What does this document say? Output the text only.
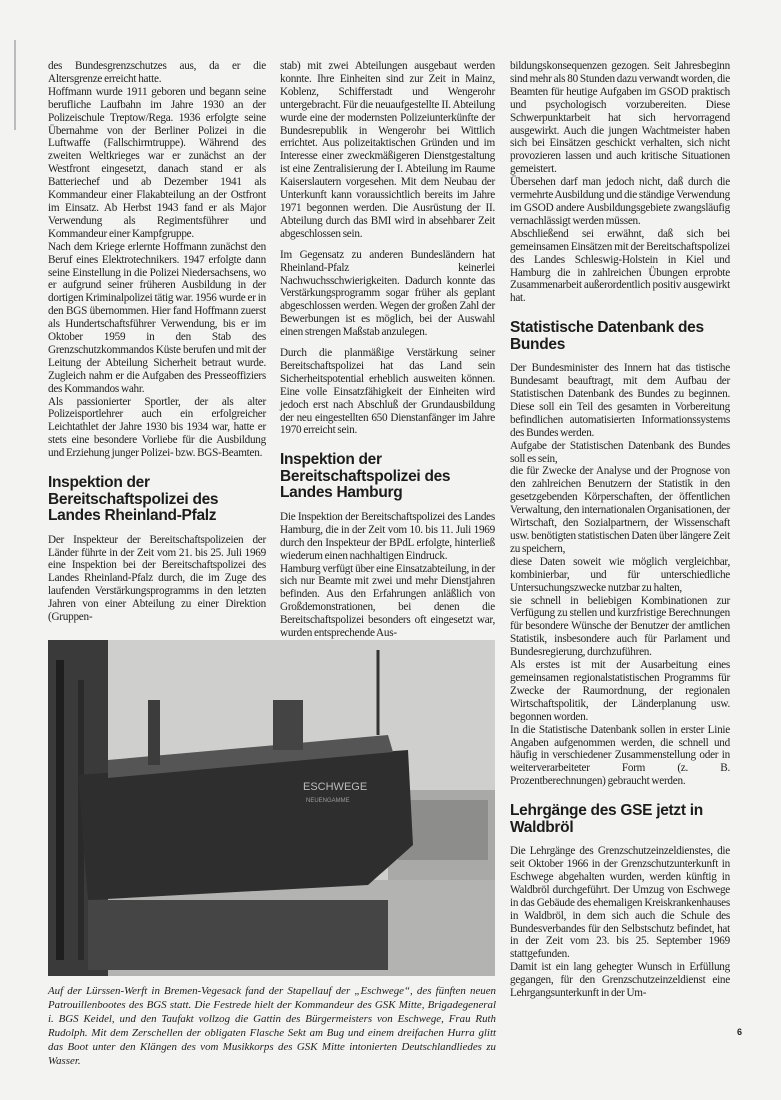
des Bundesgrenzschutzes aus, da er die Altersgrenze erreicht hatte.

Hoffmann wurde 1911 geboren und begann seine berufliche Laufbahn im Jahre 1930 an der Polizeischule Treptow/Rega. 1936 erfolgte seine Übernahme von der Berliner Polizei in die Luftwaffe (Fallschirmtruppe). Während des zweiten Weltkrieges war er zunächst an der Westfront eingesetzt, danach stand er als Batteriechef und ab Dezember 1941 als Kommandeur einer Flakabteilung an der Ostfront im Einsatz. Ab Herbst 1943 fand er als Major Verwendung als Regimentsführer und Kommandeur einer Kampfgruppe.

Nach dem Kriege erlernte Hoffmann zunächst den Beruf eines Elektrotechnikers. 1947 erfolgte dann seine Einstellung in die Polizei Niedersachsens, wo er aufgrund seiner früheren Ausbildung in der dortigen Kriminalpolizei tätig war. 1956 wurde er in den BGS übernommen. Hier fand Hoffmann zuerst als Hundertschaftsführer Verwendung, bis er im Oktober 1959 in den Stab des Grenzschutzkommandos Küste berufen und mit der Leitung der Abteilung Sicherheit betraut wurde. Zugleich nahm er die Aufgaben des Presseoffiziers des Kommandos wahr.

Als passionierter Sportler, der als alter Polizeisportlehrer auch ein erfolgreicher Leichtathlet der Jahre 1930 bis 1934 war, hatte er stets eine besondere Vorliebe für die Ausbildung und Erziehung junger Polizei- bzw. BGS-Beamten.

Inspektion der Bereitschaftspolizei des Landes Rheinland-Pfalz

Der Inspekteur der Bereitschaftspolizeien der Länder führte in der Zeit vom 21. bis 25. Juli 1969 eine Inspektion bei der Bereitschaftspolizei des Landes Rheinland-Pfalz durch, die im Zuge des laufenden Verstärkungsprogramms in den letzten Jahren von einer Abteilung zu einer Direktion (Gruppen-

stab) mit zwei Abteilungen ausgebaut werden konnte. Ihre Einheiten sind zur Zeit in Mainz, Koblenz, Schifferstadt und Wengerohr untergebracht. Für die neuaufgestellte II. Abteilung wurde eine der modernsten Polizeiunterkünfte der Bundesrepublik in Wengerohr bei Wittlich errichtet. Aus polizeitaktischen Gründen und im Interesse einer zweckmäßigeren Dienstgestaltung ist eine Zentralisierung der I. Abteilung im Raume Kaiserslautern vorgesehen. Mit dem Neubau der Unterkunft kann voraussichtlich bereits im Jahre 1971 begonnen werden. Die Ausrüstung der II. Abteilung durch das BMI wird in absehbarer Zeit abgeschlossen sein.

Im Gegensatz zu anderen Bundesländern hat Rheinland-Pfalz keinerlei Nachwuchsschwierigkeiten. Dadurch konnte das Verstärkungsprogramm sogar früher als geplant abgeschlossen werden. Wegen der großen Zahl der Bewerbungen ist es möglich, bei der Auswahl einen strengen Maßstab anzulegen.

Durch die planmäßige Verstärkung seiner Bereitschaftspolizei hat das Land sein Sicherheitspotential erheblich ausweiten können. Eine volle Einsatzfähigkeit der Einheiten wird jedoch erst nach Abschluß der Grundausbildung der neu eingestellten 650 Dienstanfänger im Jahre 1970 erreicht sein.

Inspektion der Bereitschaftspolizei des Landes Hamburg

Die Inspektion der Bereitschaftspolizei des Landes Hamburg, die in der Zeit vom 10. bis 11. Juli 1969 durch den Inspekteur der BPdL erfolgte, hinterließ wiederum einen nachhaltigen Eindruck.

Hamburg verfügt über eine Einsatzabteilung, in der sich nur Beamte mit zwei und mehr Dienstjahren befinden. Aus den Erfahrungen anläßlich von Großdemonstrationen, bei denen die Bereitschaftspolizei besonders oft eingesetzt war, wurden entsprechende Aus-

bildungskonsequenzen gezogen. Seit Jahresbeginn sind mehr als 80 Stunden dazu verwandt worden, die Beamten für heutige Aufgaben im GSOD praktisch und psychologisch vorzubereiten. Diese Schwerpunktarbeit hat sich hervorragend ausgewirkt. Auch die jungen Wachtmeister haben sich bei Einsätzen geschickt verhalten, sich nicht provozieren lassen und auch kritische Situationen gemeistert.

Übersehen darf man jedoch nicht, daß durch die vermehrte Ausbildung und die ständige Verwendung im GSOD andere Ausbildungsgebiete zwangsläufig vernachlässigt werden müssen.

Abschließend sei erwähnt, daß sich bei gemeinsamen Einsätzen mit der Bereitschaftspolizei des Landes Schleswig-Holstein in Kiel und Hamburg die in zahlreichen Übungen erprobte Zusammenarbeit außerordentlich positiv ausgewirkt hat.

Statistische Datenbank des Bundes

Der Bundesminister des Innern hat das tistische Bundesamt beauftragt, mit dem Aufbau der Statistischen Datenbank des Bundes zu beginnen. Diese soll ein Teil des gesamten in Vorbereitung befindlichen automatisierten Informationssystems des Bundes werden.

Aufgabe der Statistischen Datenbank des Bundes soll es sein,

die für Zwecke der Analyse und der Prognose von den zahlreichen Benutzern der Statistik in den gesetzgebenden Körperschaften, der öffentlichen Verwaltung, den internationalen Organisationen, der Wirtschaft, den Sozialpartnern, der Wissenschaft usw. benötigten statistischen Daten über längere Zeit zu speichern,

diese Daten soweit wie möglich vergleichbar, kombinierbar, und für unterschiedliche Untersuchungszwecke nutzbar zu halten,

sie schnell in beliebigen Kombinationen zur Verfügung zu stellen und kurzfristige Berechnungen für besondere Wünsche der Benutzer der amtlichen Statistik, insbesondere auch für Parlament und Bundesregierung, durchzuführen.

Als erstes ist mit der Ausarbeitung eines gemeinsamen regionalstatistischen Programms für Zwecke der Raumordnung, der regionalen Wirtschaftspolitik, der Länderplanung usw. begonnen worden.

In die Statistische Datenbank sollen in erster Linie Angaben aufgenommen werden, die schnell und häufig in verschiedener Zusammenstellung oder in weiterverarbeiteter Form (z. B. Prozentberechnungen) gebraucht werden.

Lehrgänge des GSE jetzt in Waldbröl

Die Lehrgänge des Grenzschutzeinzeldienstes, die seit Oktober 1966 in der Grenzschutzunterkunft in Eschwege abgehalten wurden, werden künftig in Waldbröl durchgeführt. Der Umzug von Eschwege in das Gebäude des ehemaligen Kreiskrankenhauses in Waldbröl, in dem sich auch die Schule des Bundesverbandes für den Selbstschutz befindet, hat in der Zeit vom 23. bis 25. September 1969 stattgefunden.

Damit ist ein lang gehegter Wunsch in Erfüllung gegangen, für den Grenzschutzeinzeldienst eine Lehrgangsunterkunft in der Um-

ESCHWEGE
NEUENGAMME
Auf der Lürssen-Werft in Bremen-Vegesack fand der Stapellauf der „Eschwege“, des fünften neuen Patrouillenbootes des BGS statt. Die Festrede hielt der Kommandeur des GSK Mitte, Brigadegeneral i. BGS Keidel, und den Taufakt vollzog die Gattin des Bürgermeisters von Eschwege, Frau Ruth Rudolph. Mit dem Zerschellen der obligaten Flasche Sekt am Bug und einem dreifachen Hurra glitt das Boot unter den Klängen des vom Musikkorps des GSK Mitte intonierten Deutschlandliedes zu Wasser.
6
